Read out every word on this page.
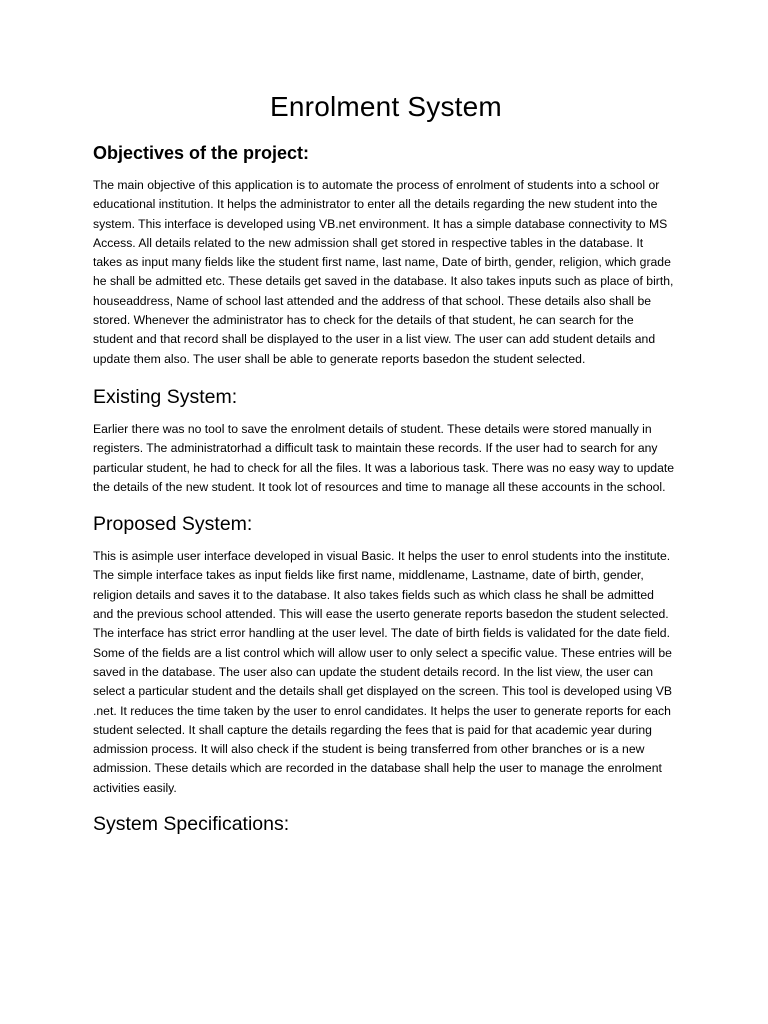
Enrolment System
Objectives of the project:

The main objective of this application is to automate the process of enrolment of students into a school or educational institution. It helps the administrator to enter all the details regarding the new student into the system. This interface is developed using VB.net environment. It has a simple database connectivity to MS Access. All details related to the new admission shall get stored in respective tables in the database. It takes as input many fields like the student first name, last name, Date of birth, gender, religion, which grade he shall be admitted etc. These details get saved in the database. It also takes inputs such as place of birth, houseaddress, Name of school last attended and the address of that school. These details also shall be stored. Whenever the administrator has to check for the details of that student, he can search for the student and that record shall be displayed to the user in a list view. The user can add student details and update them also. The user shall be able to generate reports basedon the student selected.

Existing System:

Earlier there was no tool to save the enrolment details of student. These details were stored manually in registers. The administratorhad a difficult task to maintain these records. If the user had to search for any particular student, he had to check for all the files. It was a laborious task. There was no easy way to update the details of the new student. It took lot of resources and time to manage all these accounts in the school.

Proposed System:

This is asimple user interface developed in visual Basic. It helps the user to enrol students into the institute. The simple interface takes as input fields like first name, middlename, Lastname, date of birth, gender, religion details and saves it to the database. It also takes fields such as which class he shall be admitted and the previous school attended. This will ease the userto generate reports basedon the student selected. The interface has strict error handling at the user level. The date of birth fields is validated for the date field. Some of the fields are a list control which will allow user to only select a specific value. These entries will be saved in the database. The user also can update the student details record. In the list view, the user can select a particular student and the details shall get displayed on the screen. This tool is developed using VB .net. It reduces the time taken by the user to enrol candidates. It helps the user to generate reports for each student selected. It shall capture the details regarding the fees that is paid for that academic year during admission process. It will also check if the student is being transferred from other branches or is a new admission. These details which are recorded in the database shall help the user to manage the enrolment activities easily.

System Specifications:
